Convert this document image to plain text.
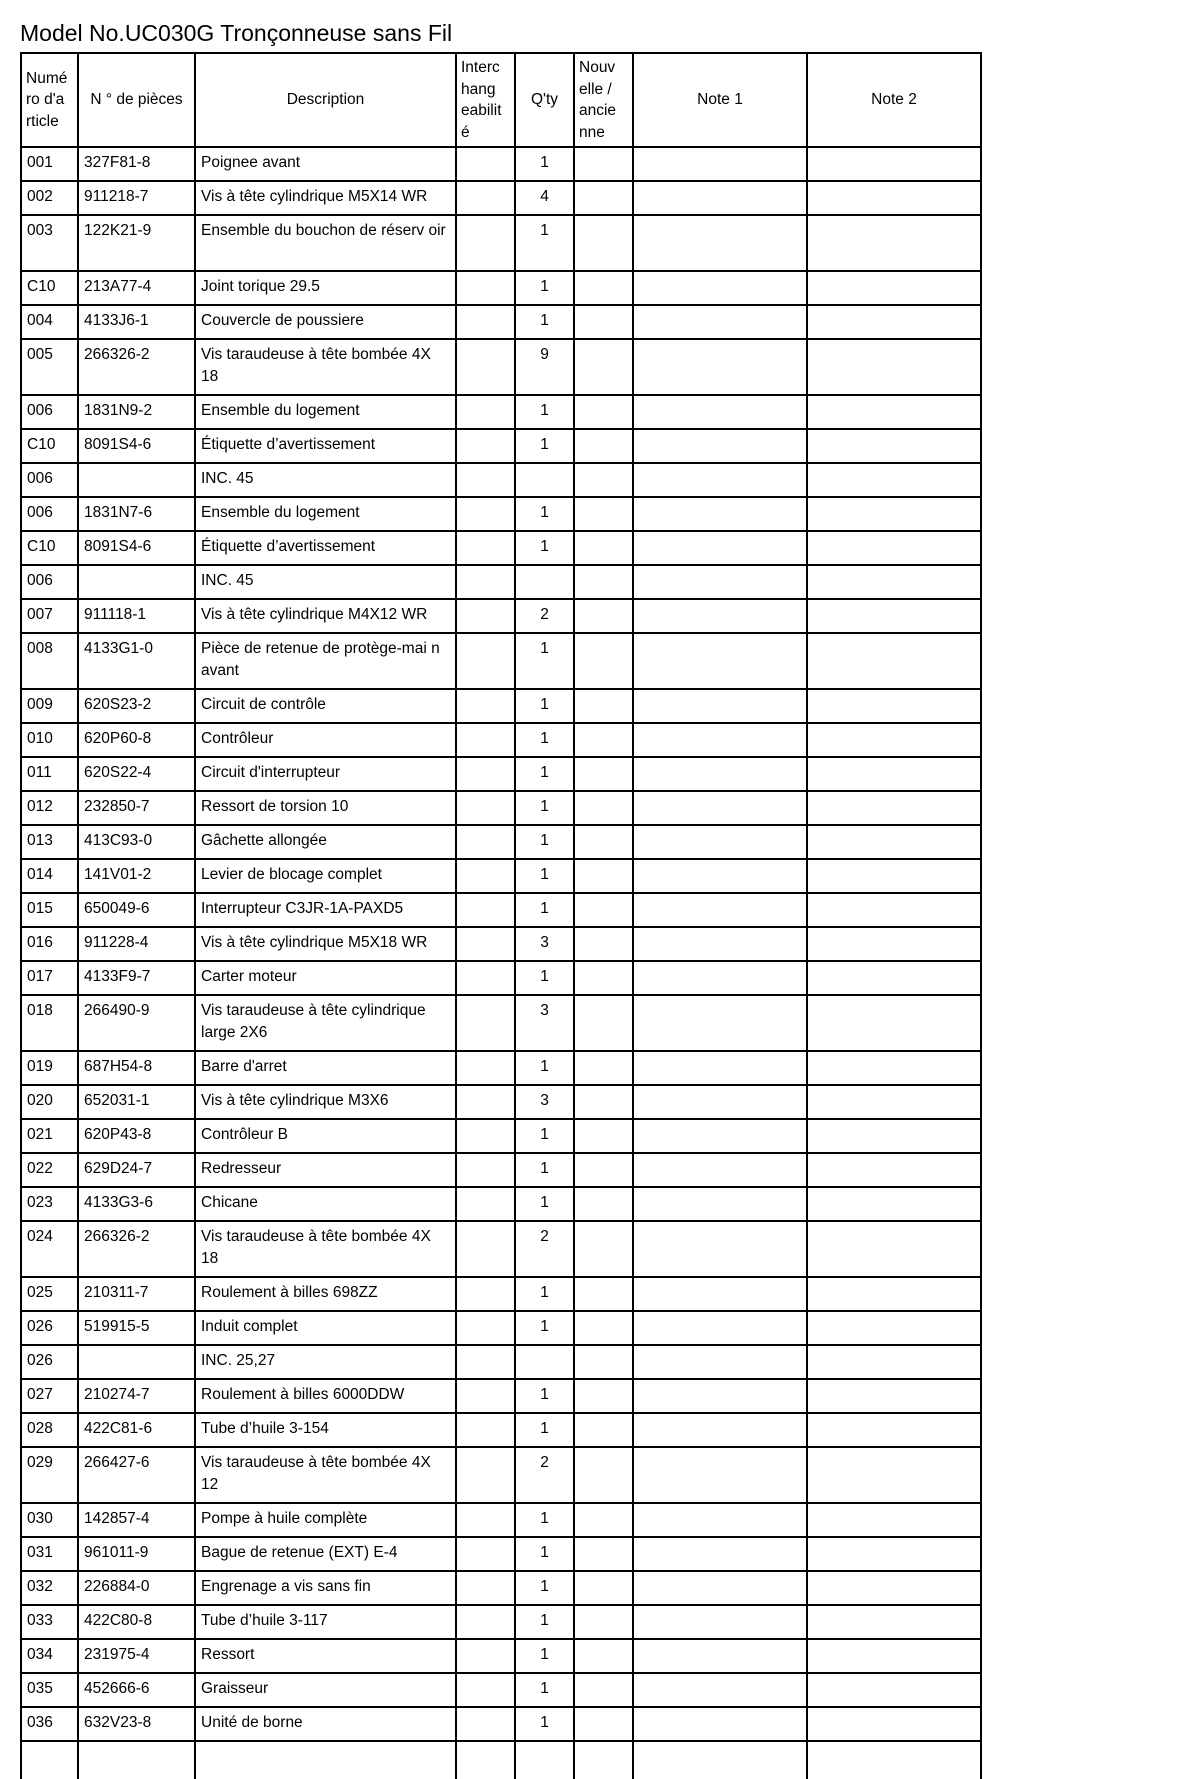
Model No.UC030G Tronçonneuse sans Fil
Numé ro d'a rticle	N ° de pièces	Description	Interc hang eabilit é	Q'ty	Nouv elle / ancie nne	Note 1	Note 2
001	327F81-8	Poignee avant		1			
002	911218-7	Vis à tête cylindrique M5X14 WR		4			
003	122K21-9	Ensemble du bouchon de réserv oir		1			
C10	213A77-4	Joint torique 29.5		1			
004	4133J6-1	Couvercle de poussiere		1			
005	266326-2	Vis taraudeuse à tête bombée 4X 18		9			
006	1831N9-2	Ensemble du logement		1			
C10	8091S4-6	Étiquette d’avertissement		1			
006		INC. 45					
006	1831N7-6	Ensemble du logement		1			
C10	8091S4-6	Étiquette d’avertissement		1			
006		INC. 45					
007	911118-1	Vis à tête cylindrique M4X12 WR		2			
008	4133G1-0	Pièce de retenue de protège-mai n avant		1			
009	620S23-2	Circuit de contrôle		1			
010	620P60-8	Contrôleur		1			
011	620S22-4	Circuit d'interrupteur		1			
012	232850-7	Ressort de torsion 10		1			
013	413C93-0	Gâchette allongée		1			
014	141V01-2	Levier de blocage complet		1			
015	650049-6	Interrupteur C3JR-1A-PAXD5		1			
016	911228-4	Vis à tête cylindrique M5X18 WR		3			
017	4133F9-7	Carter moteur		1			
018	266490-9	Vis taraudeuse à tête cylindrique large 2X6		3			
019	687H54-8	Barre d'arret		1			
020	652031-1	Vis à tête cylindrique M3X6		3			
021	620P43-8	Contrôleur B		1			
022	629D24-7	Redresseur		1			
023	4133G3-6	Chicane		1			
024	266326-2	Vis taraudeuse à tête bombée 4X 18		2			
025	210311-7	Roulement à billes 698ZZ		1			
026	519915-5	Induit complet		1			
026		INC. 25,27					
027	210274-7	Roulement à billes 6000DDW		1			
028	422C81-6	Tube d’huile 3-154		1			
029	266427-6	Vis taraudeuse à tête bombée 4X 12		2			
030	142857-4	Pompe à huile complète		1			
031	961011-9	Bague de retenue (EXT) E-4		1			
032	226884-0	Engrenage a vis sans fin		1			
033	422C80-8	Tube d’huile 3-117		1			
034	231975-4	Ressort		1			
035	452666-6	Graisseur		1			
036	632V23-8	Unité de borne		1			
